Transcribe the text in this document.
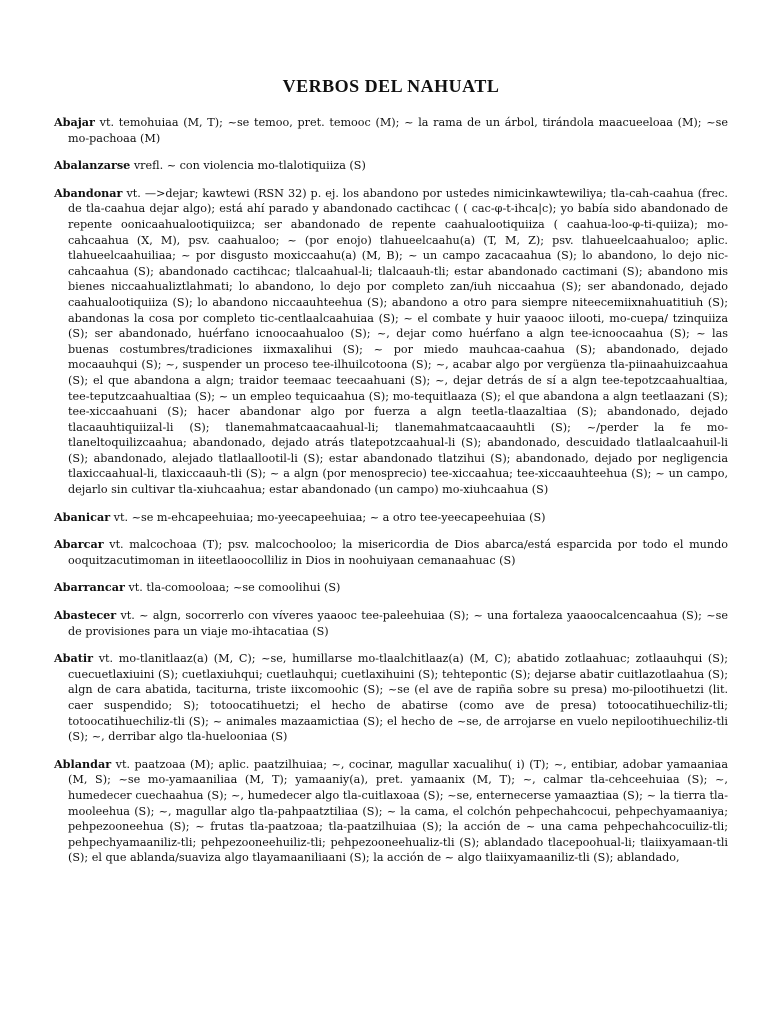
VERBOS DEL NAHUATL

Abajar vt. temohuiaa (M, T); ~se temoo, pret. temooc (M); ~ la rama de un árbol, tirándola maacueeloaa (M); ~se mo-pachoaa (M)

Abalanzarse vrefl. ~ con violencia mo-tlalotiquiiza (S)

Abandonar vt. —>dejar; kawtewi (RSN 32) p. ej. los abandono por ustedes nimicinkawtewiliya; tla-cah-caahua (frec. de tla-caahua dejar algo); está ahí parado y abandonado cactihcac ( ( cac-φ-t-ihca|c); yo babía sido abandonado de repente oonicaahualootiquiizca; ser abandonado de repente caahualootiquiiza ( caahua-loo-φ-ti-quiiza); mo-cahcaahua (X, M), psv. caahualoo; ~ (por enojo) tlahueelcaahu(a) (T, M, Z); psv. tlahueelcaahualoo; aplic. tlahueelcaahuiliaa; ~ por disgusto moxiccaahu(a) (M, B); ~ un campo zacacaahua (S); lo abandono, lo dejo nic-cahcaahua (S); abandonado cactihcac; tlalcaahual-li; tlalcaauh-tli; estar abandonado cactimani (S); abandono mis bienes niccaahualiztlahmati; lo abandono, lo dejo por completo zan/iuh niccaahua (S); ser abandonado, dejado caahualootiquiiza (S); lo abandono niccaauhteehua (S); abandono a otro para siempre niteecemiixnahuatitiuh (S); abandonas la cosa por completo tic-centlaalcaahuiaa (S); ~ el combate y huir yaaooc iilooti, mo-cuepa/ tzinquiiza (S); ser abandonado, huérfano icnoocaahualoo (S); ~, dejar como huérfano a algn tee-icnoocaahua (S); ~ las buenas costumbres/tradiciones iixmaxalihui (S); ~ por miedo mauhcaa-caahua (S); abandonado, dejado mocaauhqui (S); ~, suspender un proceso tee-ilhuilcotoona (S); ~, acabar algo por vergüenza tla-piinaahuizcaahua (S); el que abandona a algn; traidor teemaac teecaahuani (S); ~, dejar detrás de sí a algn tee-tepotzcaahualtiaa, tee-teputzcaahualtiaa (S); ~ un empleo tequicaahua (S); mo-tequitlaaza (S); el que abandona a algn teetlaazani (S); tee-xiccaahuani (S); hacer abandonar algo por fuerza a algn teetla-tlaazaltiaa (S); abandonado, dejado tlacaauhtiquiizal-li (S); tlanemahmatcaacaahual-li; tlanemahmatcaacaauhtli (S); ~/perder la fe mo-tlaneltoquilizcaahua; abandonado, dejado atrás tlatepotzcaahual-li (S); abandonado, descuidado tlatlaalcaahuil-li (S); abandonado, alejado tlatlaallootil-li (S); estar abandonado tlatzihui (S); abandonado, dejado por negligencia tlaxiccaahual-li, tlaxiccaauh-tli (S); ~ a algn (por menosprecio) tee-xiccaahua; tee-xiccaauhteehua (S); ~ un campo, dejarlo sin cultivar tla-xiuhcaahua; estar abandonado (un campo) mo-xiuhcaahua (S)

Abanicar vt. ~se m-ehcapeehuiaa; mo-yeecapeehuiaa; ~ a otro tee-yeecapeehuiaa (S)

Abarcar vt. malcochoaa (T); psv. malcochooloo; la misericordia de Dios abarca/está esparcida por todo el mundo ooquitzacutimoman in iiteetlaoocolliliz in Dios in noohuiyaan cemanaahuac (S)

Abarrancar vt. tla-comooloaa; ~se comoolihui (S)

Abastecer vt. ~ algn, socorrerlo con víveres yaaooc tee-paleehuiaa (S); ~ una fortaleza yaaoocalcencaahua (S); ~se de provisiones para un viaje mo-ihtacatiaa (S)

Abatir vt. mo-tlanitlaaz(a) (M, C); ~se, humillarse mo-tlaalchitlaaz(a) (M, C); abatido zotlaahuac; zotlaauhqui (S); cuecuetlaxiuini (S); cuetlaxiuhqui; cuetlauhqui; cuetlaxihuini (S); tehtepontic (S); dejarse abatir cuitlazotlaahua (S); algn de cara abatida, taciturna, triste iixcomoohic (S); ~se (el ave de rapiña sobre su presa) mo-pilootihuetzi (lit. caer suspendido; S); totoocatihuetzi; el hecho de abatirse (como ave de presa) totoocatihuechiliz-tli; totoocatihuechiliz-tli (S); ~ animales mazaamictiaa (S); el hecho de ~se, de arrojarse en vuelo nepilootihuechiliz-tli (S); ~, derribar algo tla-huelooniaa (S)

Ablandar vt. paatzoaa (M); aplic. paatzilhuiaa; ~, cocinar, magullar xacualihu( i) (T); ~, entibiar, adobar yamaaniaa (M, S); ~se mo-yamaaniliaa (M, T); yamaaniy(a), pret. yamaanix (M, T); ~, calmar tla-cehceehuiaa (S); ~, humedecer cuechaahua (S); ~, humedecer algo tla-cuitlaxoaa (S); ~se, enternecerse yamaaztiaa (S); ~ la tierra tla-mooleehua (S); ~, magullar algo tla-pahpaatztiliaa (S); ~ la cama, el colchón pehpechahcocui, pehpechyamaaniya; pehpezooneehua (S); ~ frutas tla-paatzoaa; tla-paatzilhuiaa (S); la acción de ~ una cama pehpechahcocuiliz-tli; pehpechyamaaniliz-tli; pehpezooneehuiliz-tli; pehpezooneehualiz-tli (S); ablandado tlacepoohual-li; tlaiixyamaan-tli (S); el que ablanda/suaviza algo tlayamaaniliaani (S); la acción de ~ algo tlaiixyamaaniliz-tli (S); ablandado,
